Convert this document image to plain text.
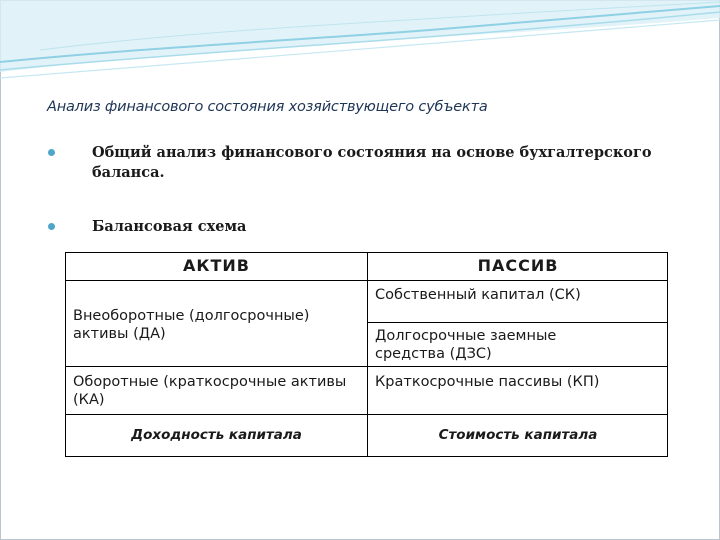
Анализ финансового состояния хозяйствующего субъекта
Общий анализ финансового состояния на основе бухгалтерского баланса.
Балансовая схема
АКТИВ	ПАССИВ
Внеоборотные (долгосрочные) активы (ДА)
Оборотные (краткосрочные активы (КА)
Собственный капитал (СК)
Долгосрочные заемные средства (ДЗС)
Краткосрочные пассивы (КП)
Доходность капитала	Стоимость капитала
